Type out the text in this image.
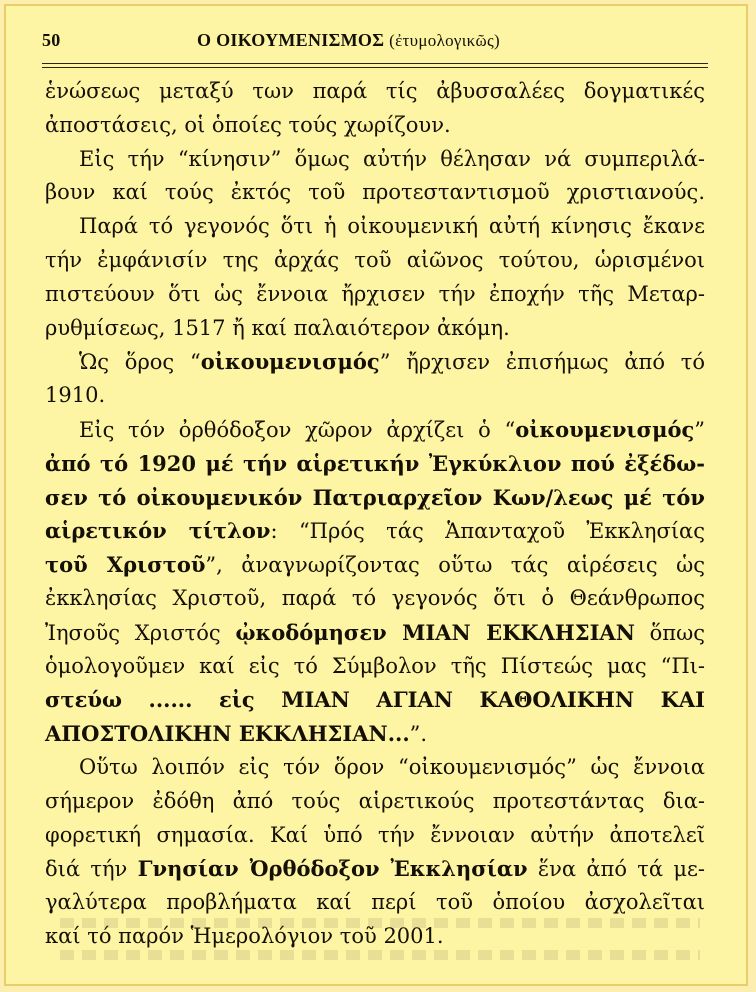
50	Ο ΟΙΚΟΥΜΕΝΙΣΜΟΣ (ἐτυμολογικῶς)
ἑνώσεως μεταξύ των παρά τίς ἀβυσσαλέες δογματικές
ἀποστάσεις, οἱ ὁποίες τούς χωρίζουν.
Εἰς τήν “κίνησιν” ὅμως αὐτήν θέλησαν νά συμπεριλά-
βουν καί τούς ἐκτός τοῦ προτεσταντισμοῦ χριστιανούς.
Παρά τό γεγονός ὅτι ἡ οἰκουμενική αὐτή κίνησις ἔκανε
τήν ἐμφάνισίν της ἀρχάς τοῦ αἰῶνος τούτου, ὡρισμένοι
πιστεύουν ὅτι ὡς ἔννοια ἤρχισεν τήν ἐποχήν τῆς Μεταρ-
ρυθμίσεως, 1517 ἤ καί παλαιότερον ἀκόμη.
Ὡς ὅρος “οἰκουμενισμός” ἤρχισεν ἐπισήμως ἀπό τό
1910.
Εἰς τόν ὀρθόδοξον χῶρον ἀρχίζει ὁ “οἰκουμενισμός”
ἀπό τό 1920 μέ τήν αἱρετικήν Ἐγκύκλιον πού ἐξέδω-
σεν τό οἰκουμενικόν Πατριαρχεῖον Κων/λεως μέ τόν
αἱρετικόν τίτλον: “Πρός τάς Ἁπανταχοῦ Ἐκκλησίας
τοῦ Χριστοῦ”, ἀναγνωρίζοντας οὕτω τάς αἱρέσεις ὡς
ἐκκλησίας Χριστοῦ, παρά τό γεγονός ὅτι ὁ Θεάνθρωπος
Ἰησοῦς Χριστός ᾠκοδόμησεν ΜΙΑΝ ΕΚΚΛΗΣΙΑΝ ὅπως
ὁμολογοῦμεν καί εἰς τό Σύμβολον τῆς Πίστεώς μας “Πι-
στεύω ...... εἰς ΜΙΑΝ ΑΓΙΑΝ ΚΑΘΟΛΙΚΗΝ ΚΑΙ
ΑΠΟΣΤΟΛΙΚΗΝ ΕΚΚΛΗΣΙΑΝ...”.
Οὕτω λοιπόν εἰς τόν ὅρον “οἰκουμενισμός” ὡς ἔννοια
σήμερον ἐδόθη ἀπό τούς αἱρετικούς προτεστάντας δια-
φορετική σημασία. Καί ὑπό τήν ἔννοιαν αὐτήν ἀποτελεῖ
διά τήν Γνησίαν Ὀρθόδοξον Ἐκκλησίαν ἕνα ἀπό τά με-
γαλύτερα προβλήματα καί περί τοῦ ὁποίου ἀσχολεῖται
καί τό παρόν Ἡμερολόγιον τοῦ 2001.
